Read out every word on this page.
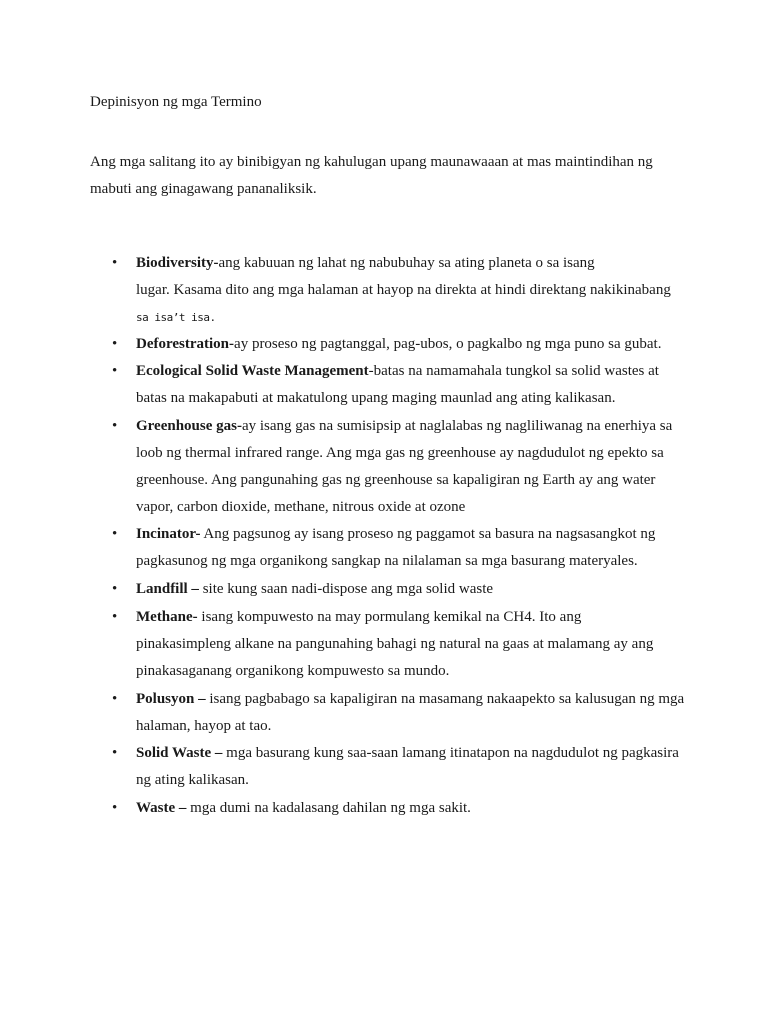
Depinisyon ng mga Termino
Ang mga salitang ito ay binibigyan ng kahulugan upang maunawaaan at mas maintindihan ng
mabuti ang ginagawang pananaliksik.
• Biodiversity-ang kabuuan ng lahat ng nabubuhay sa ating planeta o sa isang
lugar. Kasama dito ang mga halaman at hayop na direkta at hindi direktang nakikinabang
sa isa’t isa.
• Deforestration-ay proseso ng pagtanggal, pag-ubos, o pagkalbo ng mga puno sa gubat.
• Ecological Solid Waste Management-batas na namamahala tungkol sa solid wastes at
batas na makapabuti at makatulong upang maging maunlad ang ating kalikasan.
• Greenhouse gas-ay isang gas na sumisipsip at naglalabas ng nagliliwanag na enerhiya sa
loob ng thermal infrared range. Ang mga gas ng greenhouse ay nagdudulot ng epekto sa
greenhouse. Ang pangunahing gas ng greenhouse sa kapaligiran ng Earth ay ang water
vapor, carbon dioxide, methane, nitrous oxide at ozone
• Incinator- Ang pagsunog ay isang proseso ng paggamot sa basura na nagsasangkot ng
pagkasunog ng mga organikong sangkap na nilalaman sa mga basurang materyales.
• Landfill – site kung saan nadi-dispose ang mga solid waste
• Methane- isang kompuwesto na may pormulang kemikal na CH4. Ito ang
pinakasimpleng alkane na pangunahing bahagi ng natural na gaas at malamang ay ang
pinakasaganang organikong kompuwesto sa mundo.
• Polusyon – isang pagbabago sa kapaligiran na masamang nakaapekto sa kalusugan ng mga
halaman, hayop at tao.
• Solid Waste – mga basurang kung saa-saan lamang itinatapon na nagdudulot ng pagkasira
ng ating kalikasan.
• Waste – mga dumi na kadalasang dahilan ng mga sakit.
